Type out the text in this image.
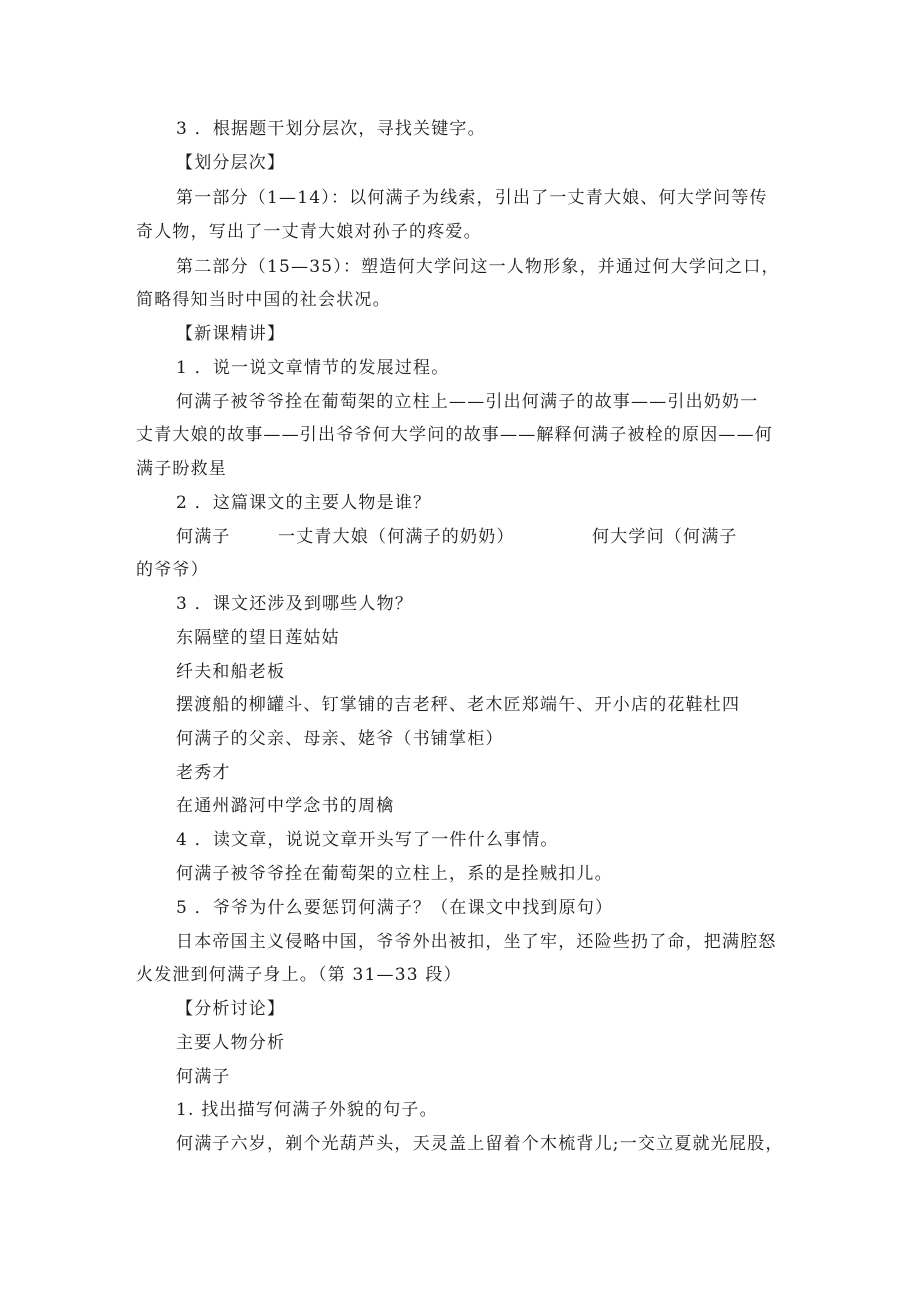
3 ．根据题干划分层次，寻找关键字。
【划分层次】
第一部分（1—14）：以何满子为线索，引出了一丈青大娘、何大学问等传
奇人物，写出了一丈青大娘对孙子的疼爱。
第二部分（15—35）：塑造何大学问这一人物形象，并通过何大学问之口，
简略得知当时中国的社会状况。
【新课精讲】
1 ．说一说文章情节的发展过程。
何满子被爷爷拴在葡萄架的立柱上——引出何满子的故事——引出奶奶一
丈青大娘的故事——引出爷爷何大学问的故事——解释何满子被栓的原因——何
满子盼救星
2 ．这篇课文的主要人物是谁？
何满子	一丈青大娘（何满子的奶奶）	何大学问（何满子
的爷爷）
3 ．课文还涉及到哪些人物？
东隔壁的望日莲姑姑
纤夫和船老板
摆渡船的柳罐斗、钉掌铺的吉老秤、老木匠郑端午、开小店的花鞋杜四
何满子的父亲、母亲、姥爷（书铺掌柜）
老秀才
在通州潞河中学念书的周檎
4 ．读文章，说说文章开头写了一件什么事情。
何满子被爷爷拴在葡萄架的立柱上，系的是拴贼扣儿。
5 ．爷爷为什么要惩罚何满子？（在课文中找到原句）
日本帝国主义侵略中国，爷爷外出被扣，坐了牢，还险些扔了命，把满腔怒
火发泄到何满子身上。（第 31—33 段）
【分析讨论】
主要人物分析
何满子
1. 找出描写何满子外貌的句子。
何满子六岁，剃个光葫芦头，天灵盖上留着个木梳背儿;一交立夏就光屁股，
